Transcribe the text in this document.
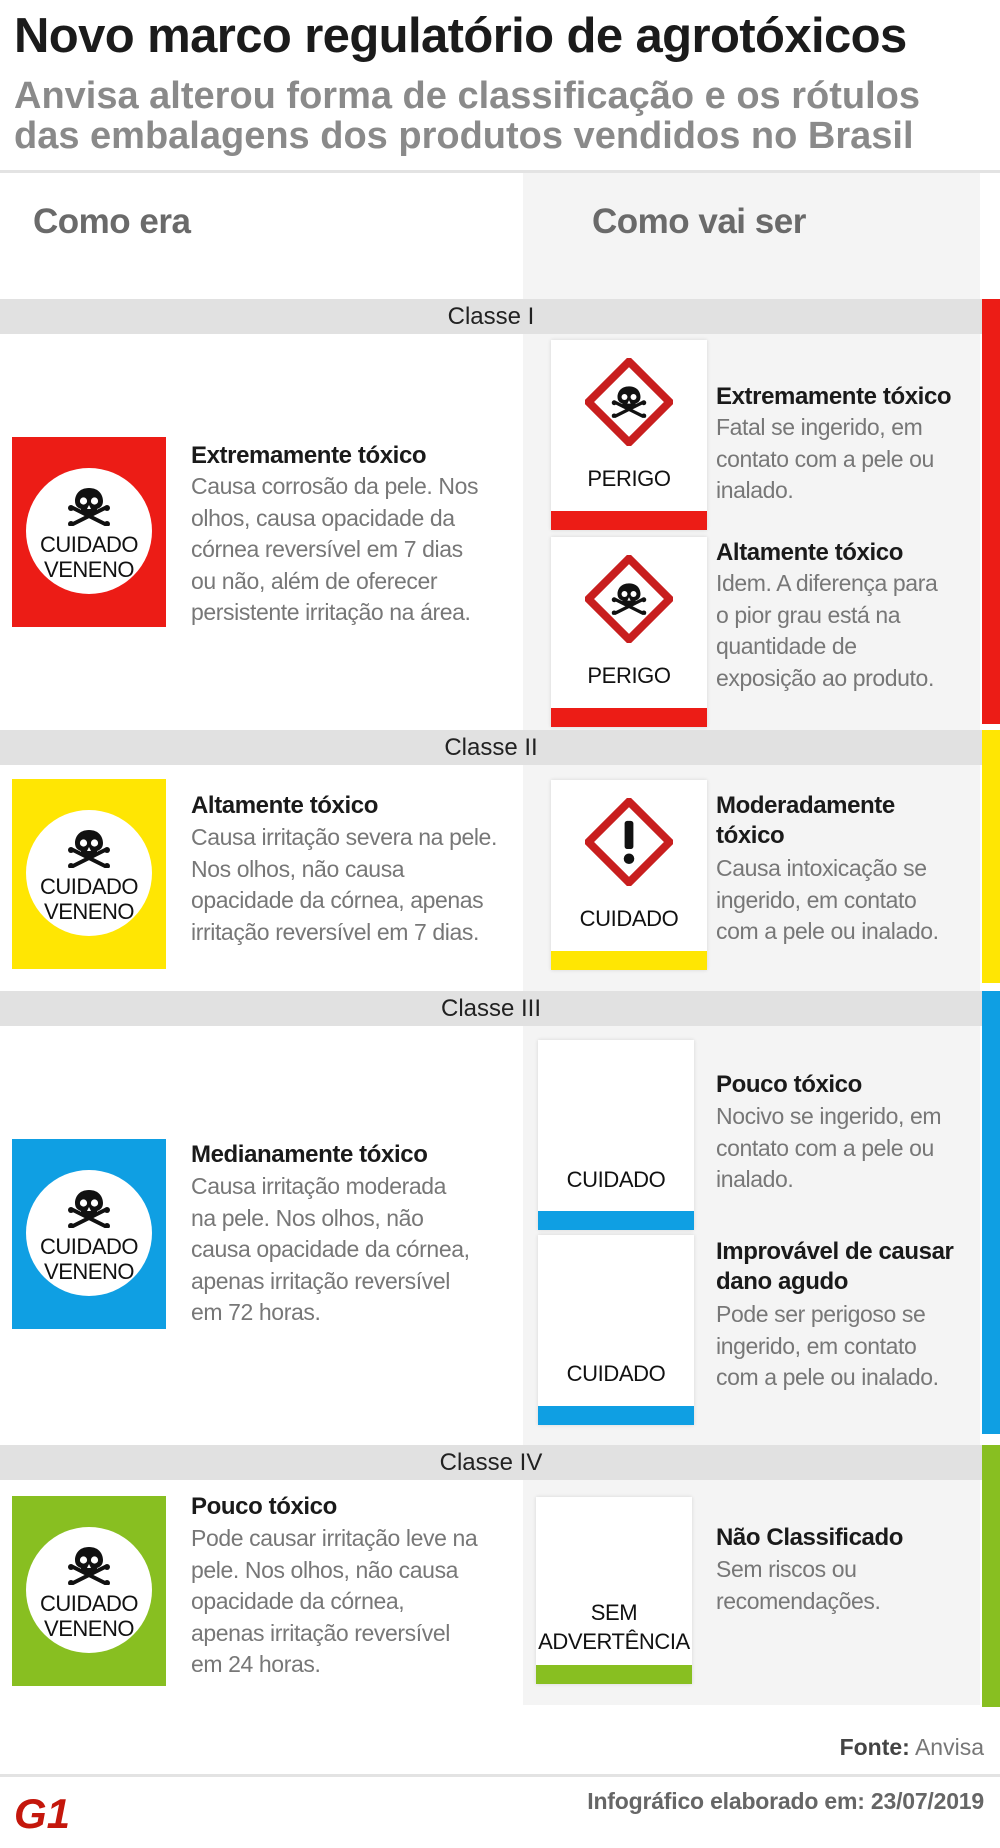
Novo marco regulatório de agrotóxicos
Anvisa alterou forma de classificação e os rótulos
das embalagens dos produtos vendidos no Brasil
Como era	Como vai ser
Classe I
CUIDADO
VENENO
Extremamente tóxico
Causa corrosão da pele. Nos
olhos, causa opacidade da
córnea reversível em 7 dias
ou não, além de oferecer
persistente irritação na área.
PERIGO
Extremamente tóxico
Fatal se ingerido, em
contato com a pele ou
inalado.
PERIGO
Altamente tóxico
Idem. A diferença para
o pior grau está na
quantidade de
exposição ao produto.
Classe II
CUIDADO
VENENO
Altamente tóxico
Causa irritação severa na pele.
Nos olhos, não causa
opacidade da córnea, apenas
irritação reversível em 7 dias.	CUIDADO
Moderadamente
tóxico
Causa intoxicação se
ingerido, em contato
com a pele ou inalado.
Classe III
CUIDADO
VENENO
Medianamente tóxico
Causa irritação moderada
na pele. Nos olhos, não
causa opacidade da córnea,
apenas irritação reversível
em 72 horas.
CUIDADO
Pouco tóxico
Nocivo se ingerido, em
contato com a pele ou
inalado.
CUIDADO
Improvável de causar
dano agudo
Pode ser perigoso se
ingerido, em contato
com a pele ou inalado.
Classe IV
CUIDADO
VENENO
Pouco tóxico
Pode causar irritação leve na
pele. Nos olhos, não causa
opacidade da córnea,
apenas irritação reversível
em 24 horas.
SEM
ADVERTÊNCIA
Não Classificado
Sem riscos ou
recomendações.
Fonte: Anvisa
G1	Infográfico elaborado em: 23/07/2019
